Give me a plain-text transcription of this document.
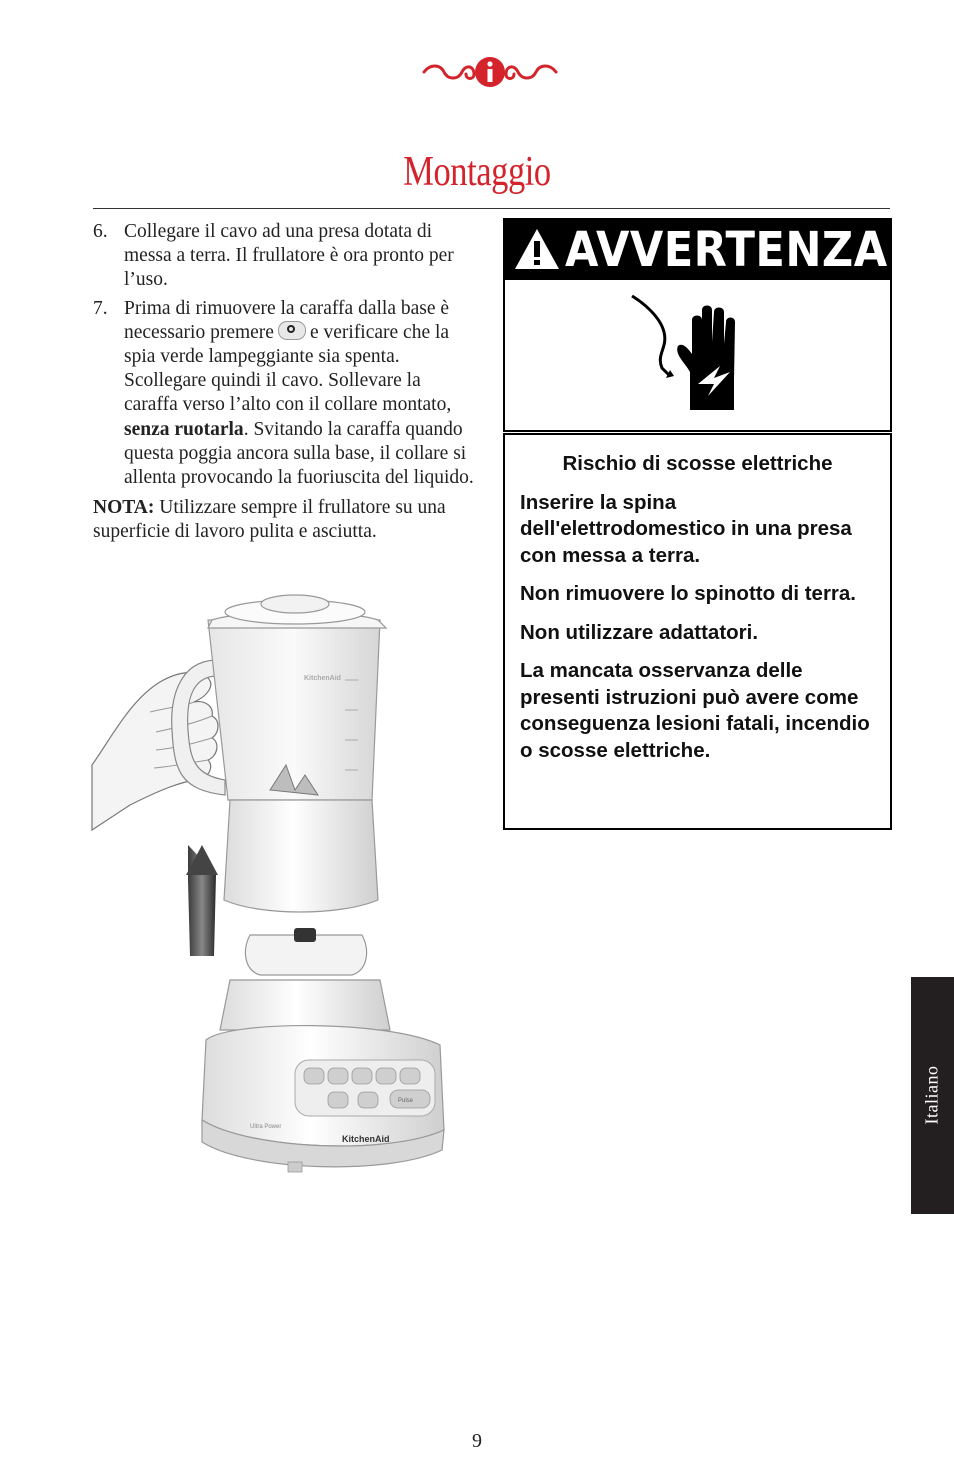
Montaggio
6. Collegare il cavo ad una presa dotata di messa a terra. Il frullatore è ora pronto per l’uso.
7. Prima di rimuovere la caraffa dalla base è necessario premere e verificare che la spia verde lampeggiante sia spenta. Scollegare quindi il cavo. Sollevare la caraffa verso l’alto con il collare montato, senza ruotarla. Svitando la caraffa quando questa poggia ancora sulla base, il collare si allenta provocando la fuoriuscita del liquido.
NOTA: Utilizzare sempre il frullatore su una superficie di lavoro pulita e asciutta.
KitchenAid
Pulse
Ultra Power
KitchenAid
AVVERTENZA

Rischio di scosse elettriche

Inserire la spina dell'elettrodomestico in una presa con messa a terra.

Non rimuovere lo spinotto di terra.

Non utilizzare adattatori.

La mancata osservanza delle presenti istruzioni può avere come conseguenza lesioni fatali, incendio o scosse elettriche.

Italiano
9
